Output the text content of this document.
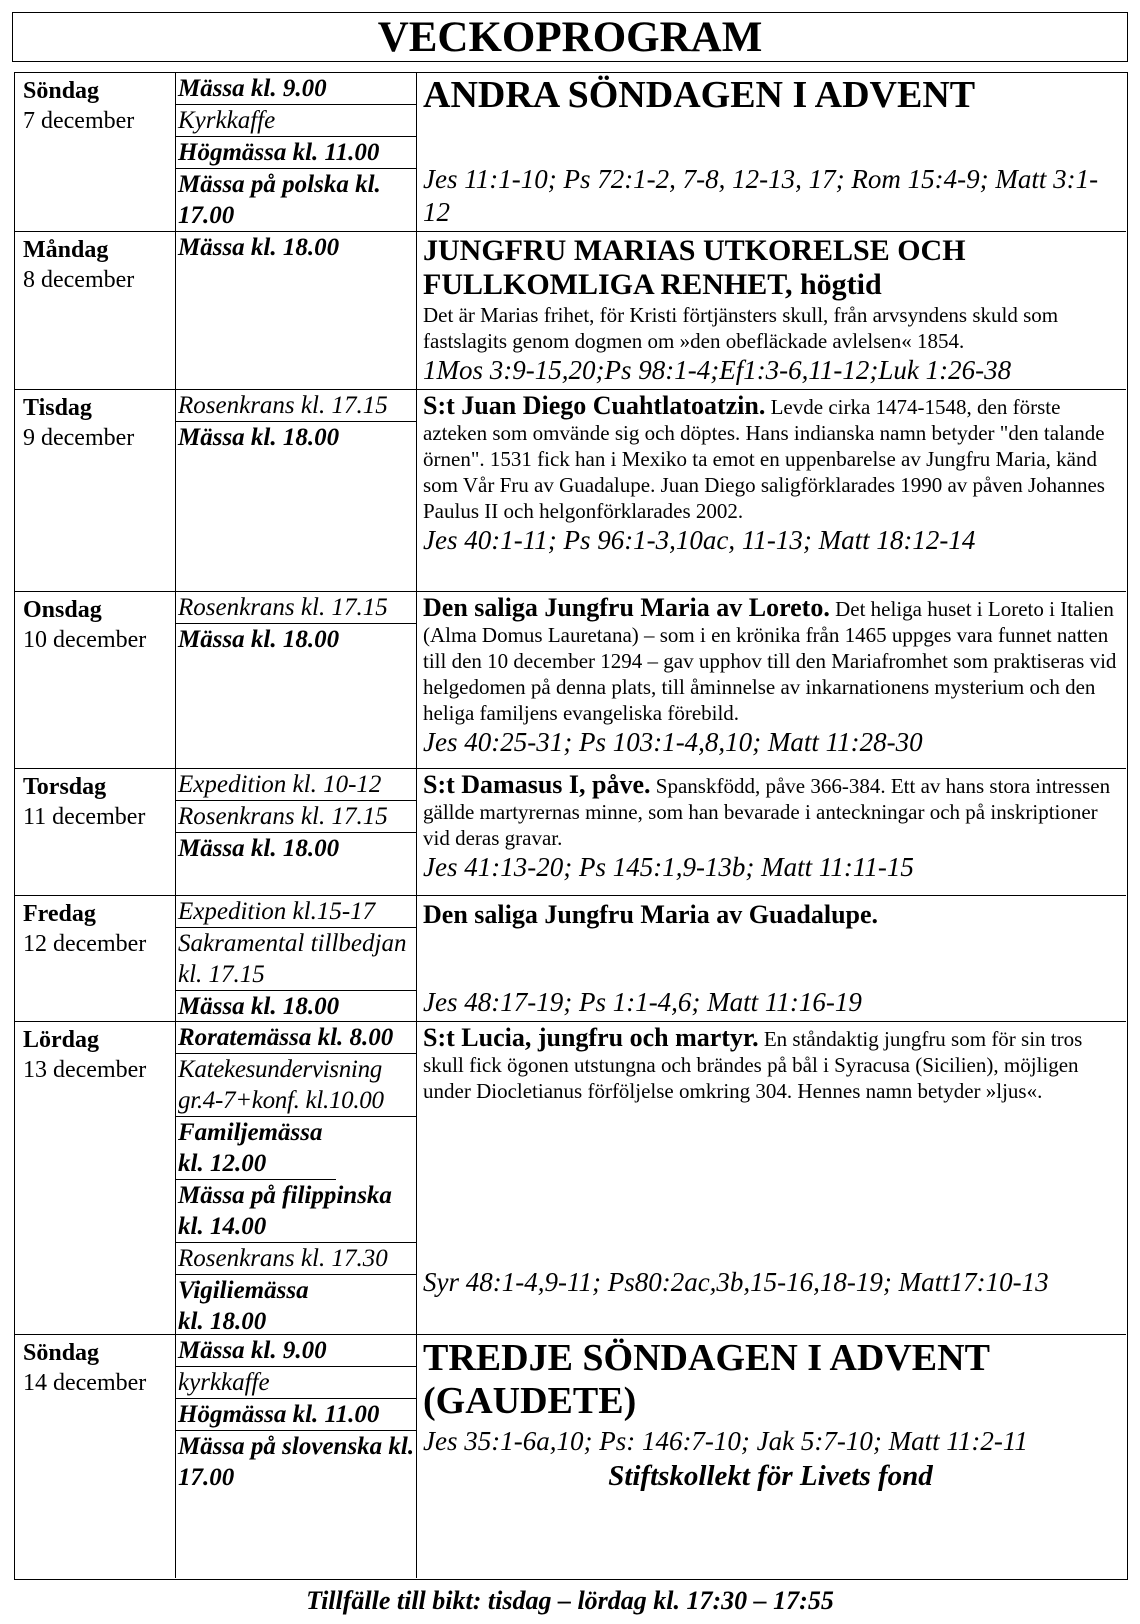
VECKOPROGRAM
Söndag
7 december
Mässa kl. 9.00
Kyrkkaffe
Högmässa kl. 11.00
Mässa på polska kl. 17.00
ANDRA SÖNDAGEN I ADVENT
Jes 11:1-10; Ps 72:1-2, 7-8, 12-13, 17; Rom 15:4-9; Matt 3:1-12
Måndag
8 december
Mässa kl. 18.00	JUNGFRU MARIAS UTKORELSE OCH FULLKOMLIGA RENHET, högtid
Det är Marias frihet, för Kristi förtjänsters skull, från arvsyndens skuld som fastslagits genom dogmen om »den obefläckade avlelsen« 1854.
1Mos 3:9-15,20;Ps 98:1-4;Ef1:3-6,11-12;Luk 1:26-38
Tisdag
9 december
Rosenkrans kl. 17.15
Mässa kl. 18.00
S:t Juan Diego Cuahtlatoatzin. Levde cirka 1474-1548, den förste azteken som omvände sig och döptes. Hans indianska namn betyder "den talande örnen". 1531 fick han i Mexiko ta emot en uppenbarelse av Jungfru Maria, känd som Vår Fru av Guadalupe. Juan Diego saligförklarades 1990 av påven Johannes Paulus II och helgonförklarades 2002.
Jes 40:1-11; Ps 96:1-3,10ac, 11-13; Matt 18:12-14
Onsdag
10 december
Rosenkrans kl. 17.15
Mässa kl. 18.00
Den saliga Jungfru Maria av Loreto. Det heliga huset i Loreto i Italien (Alma Domus Lauretana) – som i en krönika från 1465 uppges vara funnet natten till den 10 december 1294 – gav upphov till den Mariafromhet som praktiseras vid helgedomen på denna plats, till åminnelse av inkarnationens mysterium och den heliga familjens evangeliska förebild.
Jes 40:25-31; Ps 103:1-4,8,10; Matt 11:28-30
Torsdag
11 december
Expedition kl. 10-12
Rosenkrans kl. 17.15
Mässa kl. 18.00
S:t Damasus I, påve. Spanskfödd, påve 366-384. Ett av hans stora intressen gällde martyrernas minne, som han bevarade i anteckningar och på inskriptioner vid deras gravar.
Jes 41:13-20; Ps 145:1,9-13b; Matt 11:11-15
Fredag
12 december
Expedition kl.15-17
Sakramental tillbedjan kl. 17.15
Mässa kl. 18.00
Den saliga Jungfru Maria av Guadalupe.
Jes 48:17-19; Ps 1:1-4,6; Matt 11:16-19
Lördag
13 december
Roratemässa kl. 8.00
Katekesundervisning gr.4-7+konf. kl.10.00
Familjemässa kl. 12.00
Mässa på filippinska kl. 14.00
Rosenkrans kl. 17.30
Vigiliemässa kl. 18.00
S:t Lucia, jungfru och martyr. En ståndaktig jungfru som för sin tros skull fick ögonen utstungna och brändes på bål i Syracusa (Sicilien), möjligen under Diocletianus förföljelse omkring 304. Hennes namn betyder »ljus«.
Syr 48:1-4,9-11; Ps80:2ac,3b,15-16,18-19; Matt17:10-13
Söndag
14 december
Mässa kl. 9.00
kyrkkaffe
Högmässa kl. 11.00
Mässa på slovenska kl. 17.00
TREDJE SÖNDAGEN I ADVENT (GAUDETE)
Jes 35:1-6a,10; Ps: 146:7-10; Jak 5:7-10; Matt 11:2-11
Stiftskollekt för Livets fond
Tillfälle till bikt: tisdag – lördag kl. 17:30 – 17:55
